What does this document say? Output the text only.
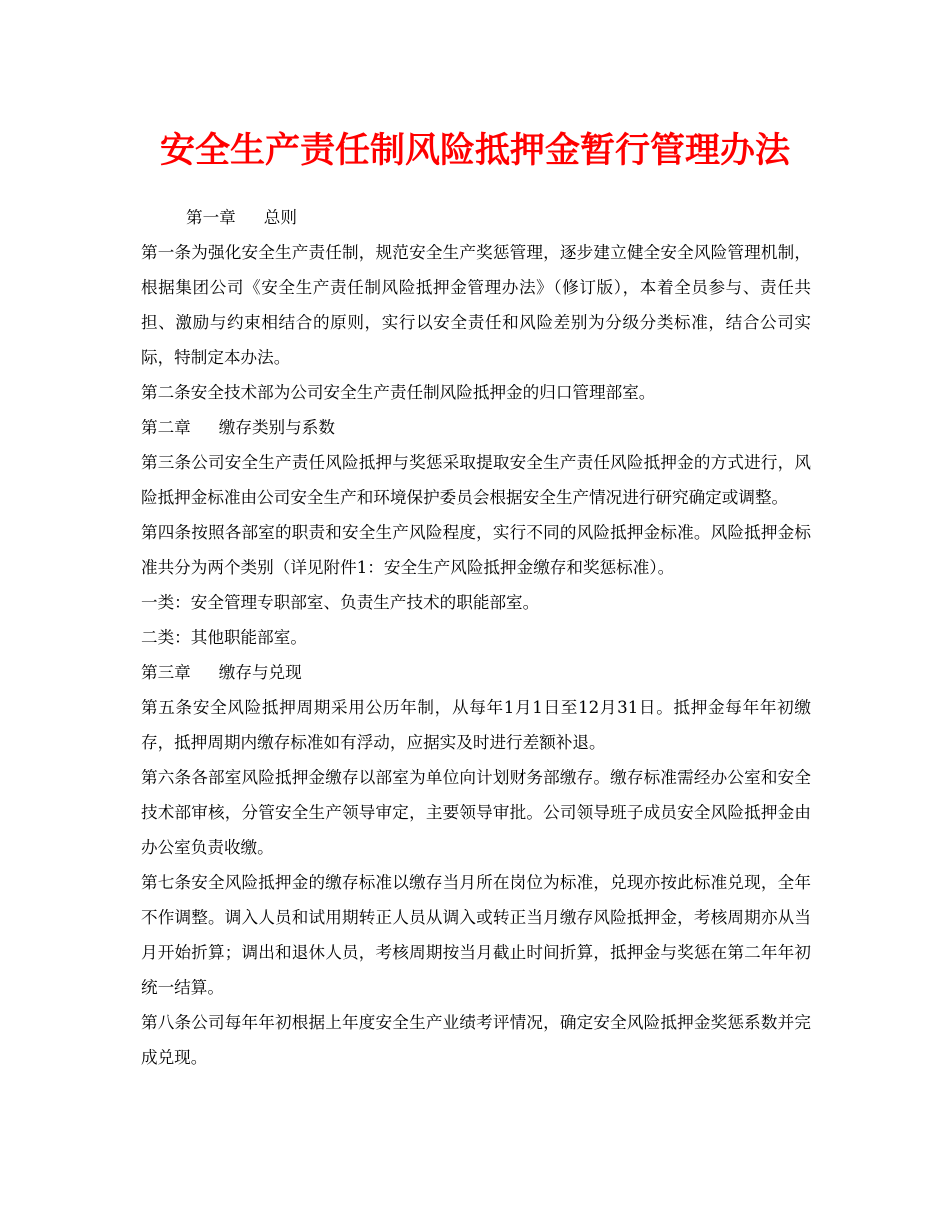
安全生产责任制风险抵押金暂行管理办法

第一章 总则

第一条为强化安全生产责任制，规范安全生产奖惩管理，逐步建立健全安全风险管理机制，根据集团公司《安全生产责任制风险抵押金管理办法》（修订版），本着全员参与、责任共担、激励与约束相结合的原则，实行以安全责任和风险差别为分级分类标准，结合公司实际，特制定本办法。

第二条安全技术部为公司安全生产责任制风险抵押金的归口管理部室。

第二章 缴存类别与系数

第三条公司安全生产责任风险抵押与奖惩采取提取安全生产责任风险抵押金的方式进行，风险抵押金标准由公司安全生产和环境保护委员会根据安全生产情况进行研究确定或调整。

第四条按照各部室的职责和安全生产风险程度，实行不同的风险抵押金标准。风险抵押金标准共分为两个类别（详见附件1：安全生产风险抵押金缴存和奖惩标准）。

一类：安全管理专职部室、负责生产技术的职能部室。

二类：其他职能部室。

第三章 缴存与兑现

第五条安全风险抵押周期采用公历年制，从每年1月1日至12月31日。抵押金每年年初缴存，抵押周期内缴存标准如有浮动，应据实及时进行差额补退。

第六条各部室风险抵押金缴存以部室为单位向计划财务部缴存。缴存标准需经办公室和安全技术部审核，分管安全生产领导审定，主要领导审批。公司领导班子成员安全风险抵押金由办公室负责收缴。

第七条安全风险抵押金的缴存标准以缴存当月所在岗位为标准，兑现亦按此标准兑现，全年不作调整。调入人员和试用期转正人员从调入或转正当月缴存风险抵押金，考核周期亦从当月开始折算；调出和退休人员，考核周期按当月截止时间折算，抵押金与奖惩在第二年年初统一结算。

第八条公司每年年初根据上年度安全生产业绩考评情况，确定安全风险抵押金奖惩系数并完成兑现。
